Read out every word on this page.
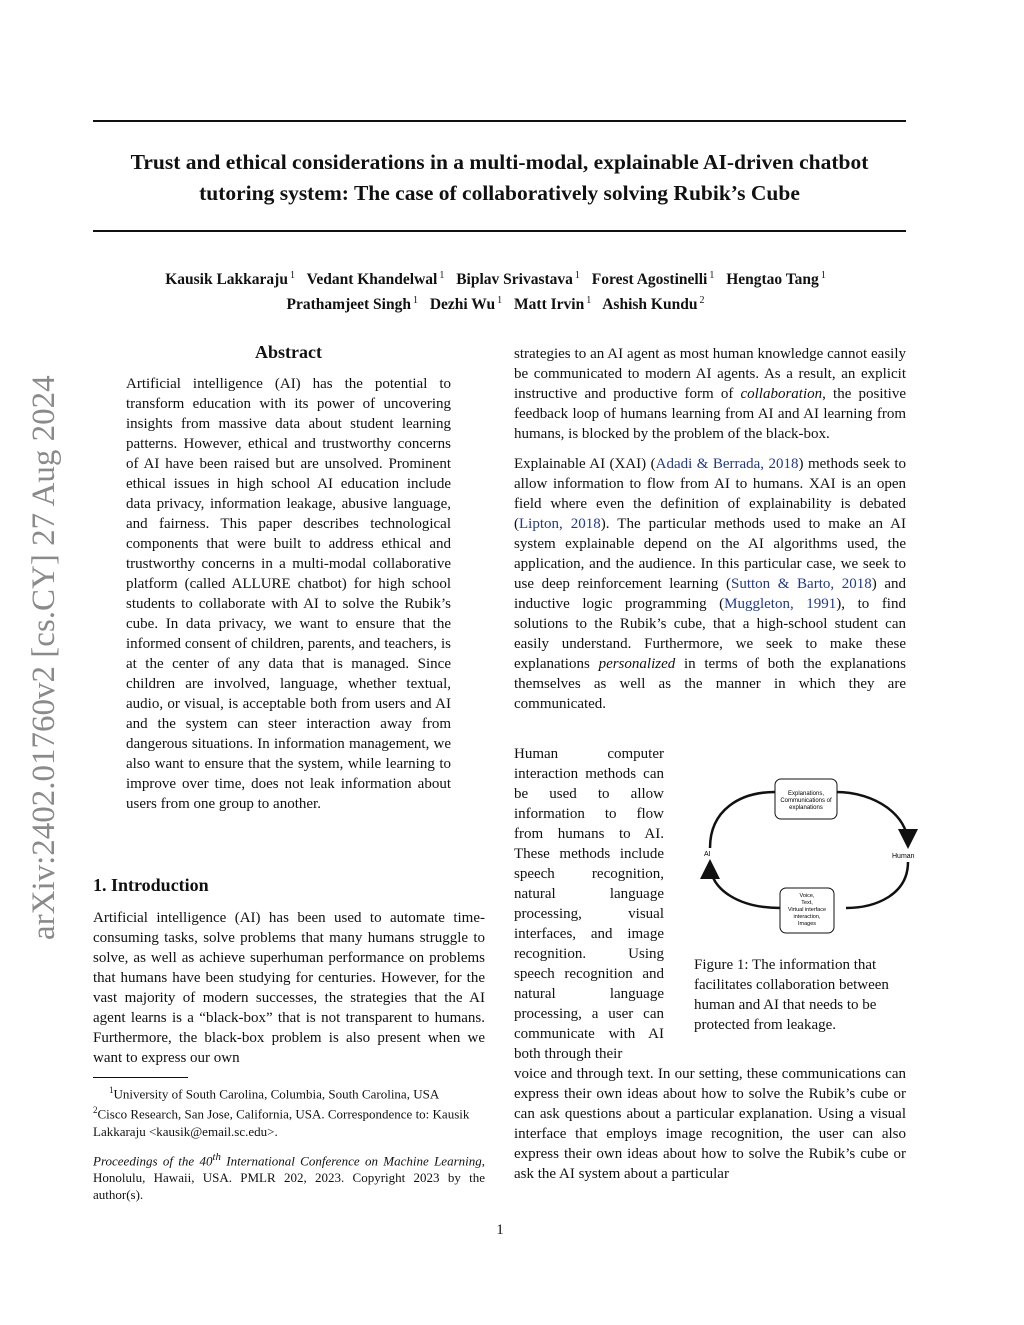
Trust and ethical considerations in a multi-modal, explainable AI-driven chatbot
tutoring system: The case of collaboratively solving Rubik’s Cube
Kausik Lakkaraju $^1$ Vedant Khandelwal $^1$ Biplav Srivastava $^1$ Forest Agostinelli $^1$ Hengtao Tang $^1$
Prathamjeet Singh $^1$ Dezhi Wu $^1$ Matt Irvin $^1$ Ashish Kundu $^2$
arXiv:2402.01760v2 [cs.CY] 27 Aug 2024
Abstract
Artificial intelligence (AI) has the potential to transform education with its power of uncovering insights from massive data about student learning patterns. However, ethical and trustworthy concerns of AI have been raised but are unsolved. Prominent ethical issues in high school AI education include data privacy, information leakage, abusive language, and fairness. This paper describes technological components that were built to address ethical and trustworthy concerns in a multi-modal collaborative platform (called ALLURE chatbot) for high school students to collaborate with AI to solve the Rubik’s cube. In data privacy, we want to ensure that the informed consent of children, parents, and teachers, is at the center of any data that is managed. Since children are involved, language, whether textual, audio, or visual, is acceptable both from users and AI and the system can steer interaction away from dangerous situations. In information management, we also want to ensure that the system, while learning to improve over time, does not leak information about users from one group to another.
1. Introduction
Artificial intelligence (AI) has been used to automate time-consuming tasks, solve problems that many humans struggle to solve, as well as achieve superhuman performance on problems that humans have been studying for centuries. However, for the vast majority of modern successes, the strategies that the AI agent learns is a “black-box” that is not transparent to humans. Furthermore, the black-box problem is also present when we want to express our own
$^1$University of South Carolina, Columbia, South Carolina, USA
$^2$Cisco Research, San Jose, California, USA. Correspondence to: Kausik Lakkaraju <kausik@email.sc.edu>.
Proceedings of the 40th International Conference on Machine Learning, Honolulu, Hawaii, USA. PMLR 202, 2023. Copyright 2023 by the author(s).

strategies to an AI agent as most human knowledge cannot easily be communicated to modern AI agents. As a result, an explicit instructive and productive form of collaboration, the positive feedback loop of humans learning from AI and AI learning from humans, is blocked by the problem of the black-box.

Explainable AI (XAI) (Adadi & Berrada, 2018) methods seek to allow information to flow from AI to humans. XAI is an open field where even the definition of explainability is debated (Lipton, 2018). The particular methods used to make an AI system explainable depend on the AI algorithms used, the application, and the audience. In this particular case, we seek to use deep reinforcement learning (Sutton & Barto, 2018) and inductive logic programming (Muggleton, 1991), to find solutions to the Rubik’s cube, that a high-school student can easily understand. Furthermore, we seek to make these explanations personalized in terms of both the explanations themselves as well as the manner in which they are communicated.

Human computer interaction methods can be used to allow information to flow from humans to AI. These methods include speech recognition, natural language processing, visual interfaces, and image recognition. Using speech recognition and natural language processing, a user can communicate with AI both through their
Explanations,
Communications of
explanations
Voice,
Text,
Virtual interface
interaction,
Images
AI	Human
Figure 1: The information that facilitates collaboration between human and AI that needs to be protected from leakage.
voice and through text. In our setting, these communications can express their own ideas about how to solve the Rubik’s cube or can ask questions about a particular explanation. Using a visual interface that employs image recognition, the user can also express their own ideas about how to solve the Rubik’s cube or ask the AI system about a particular
1
